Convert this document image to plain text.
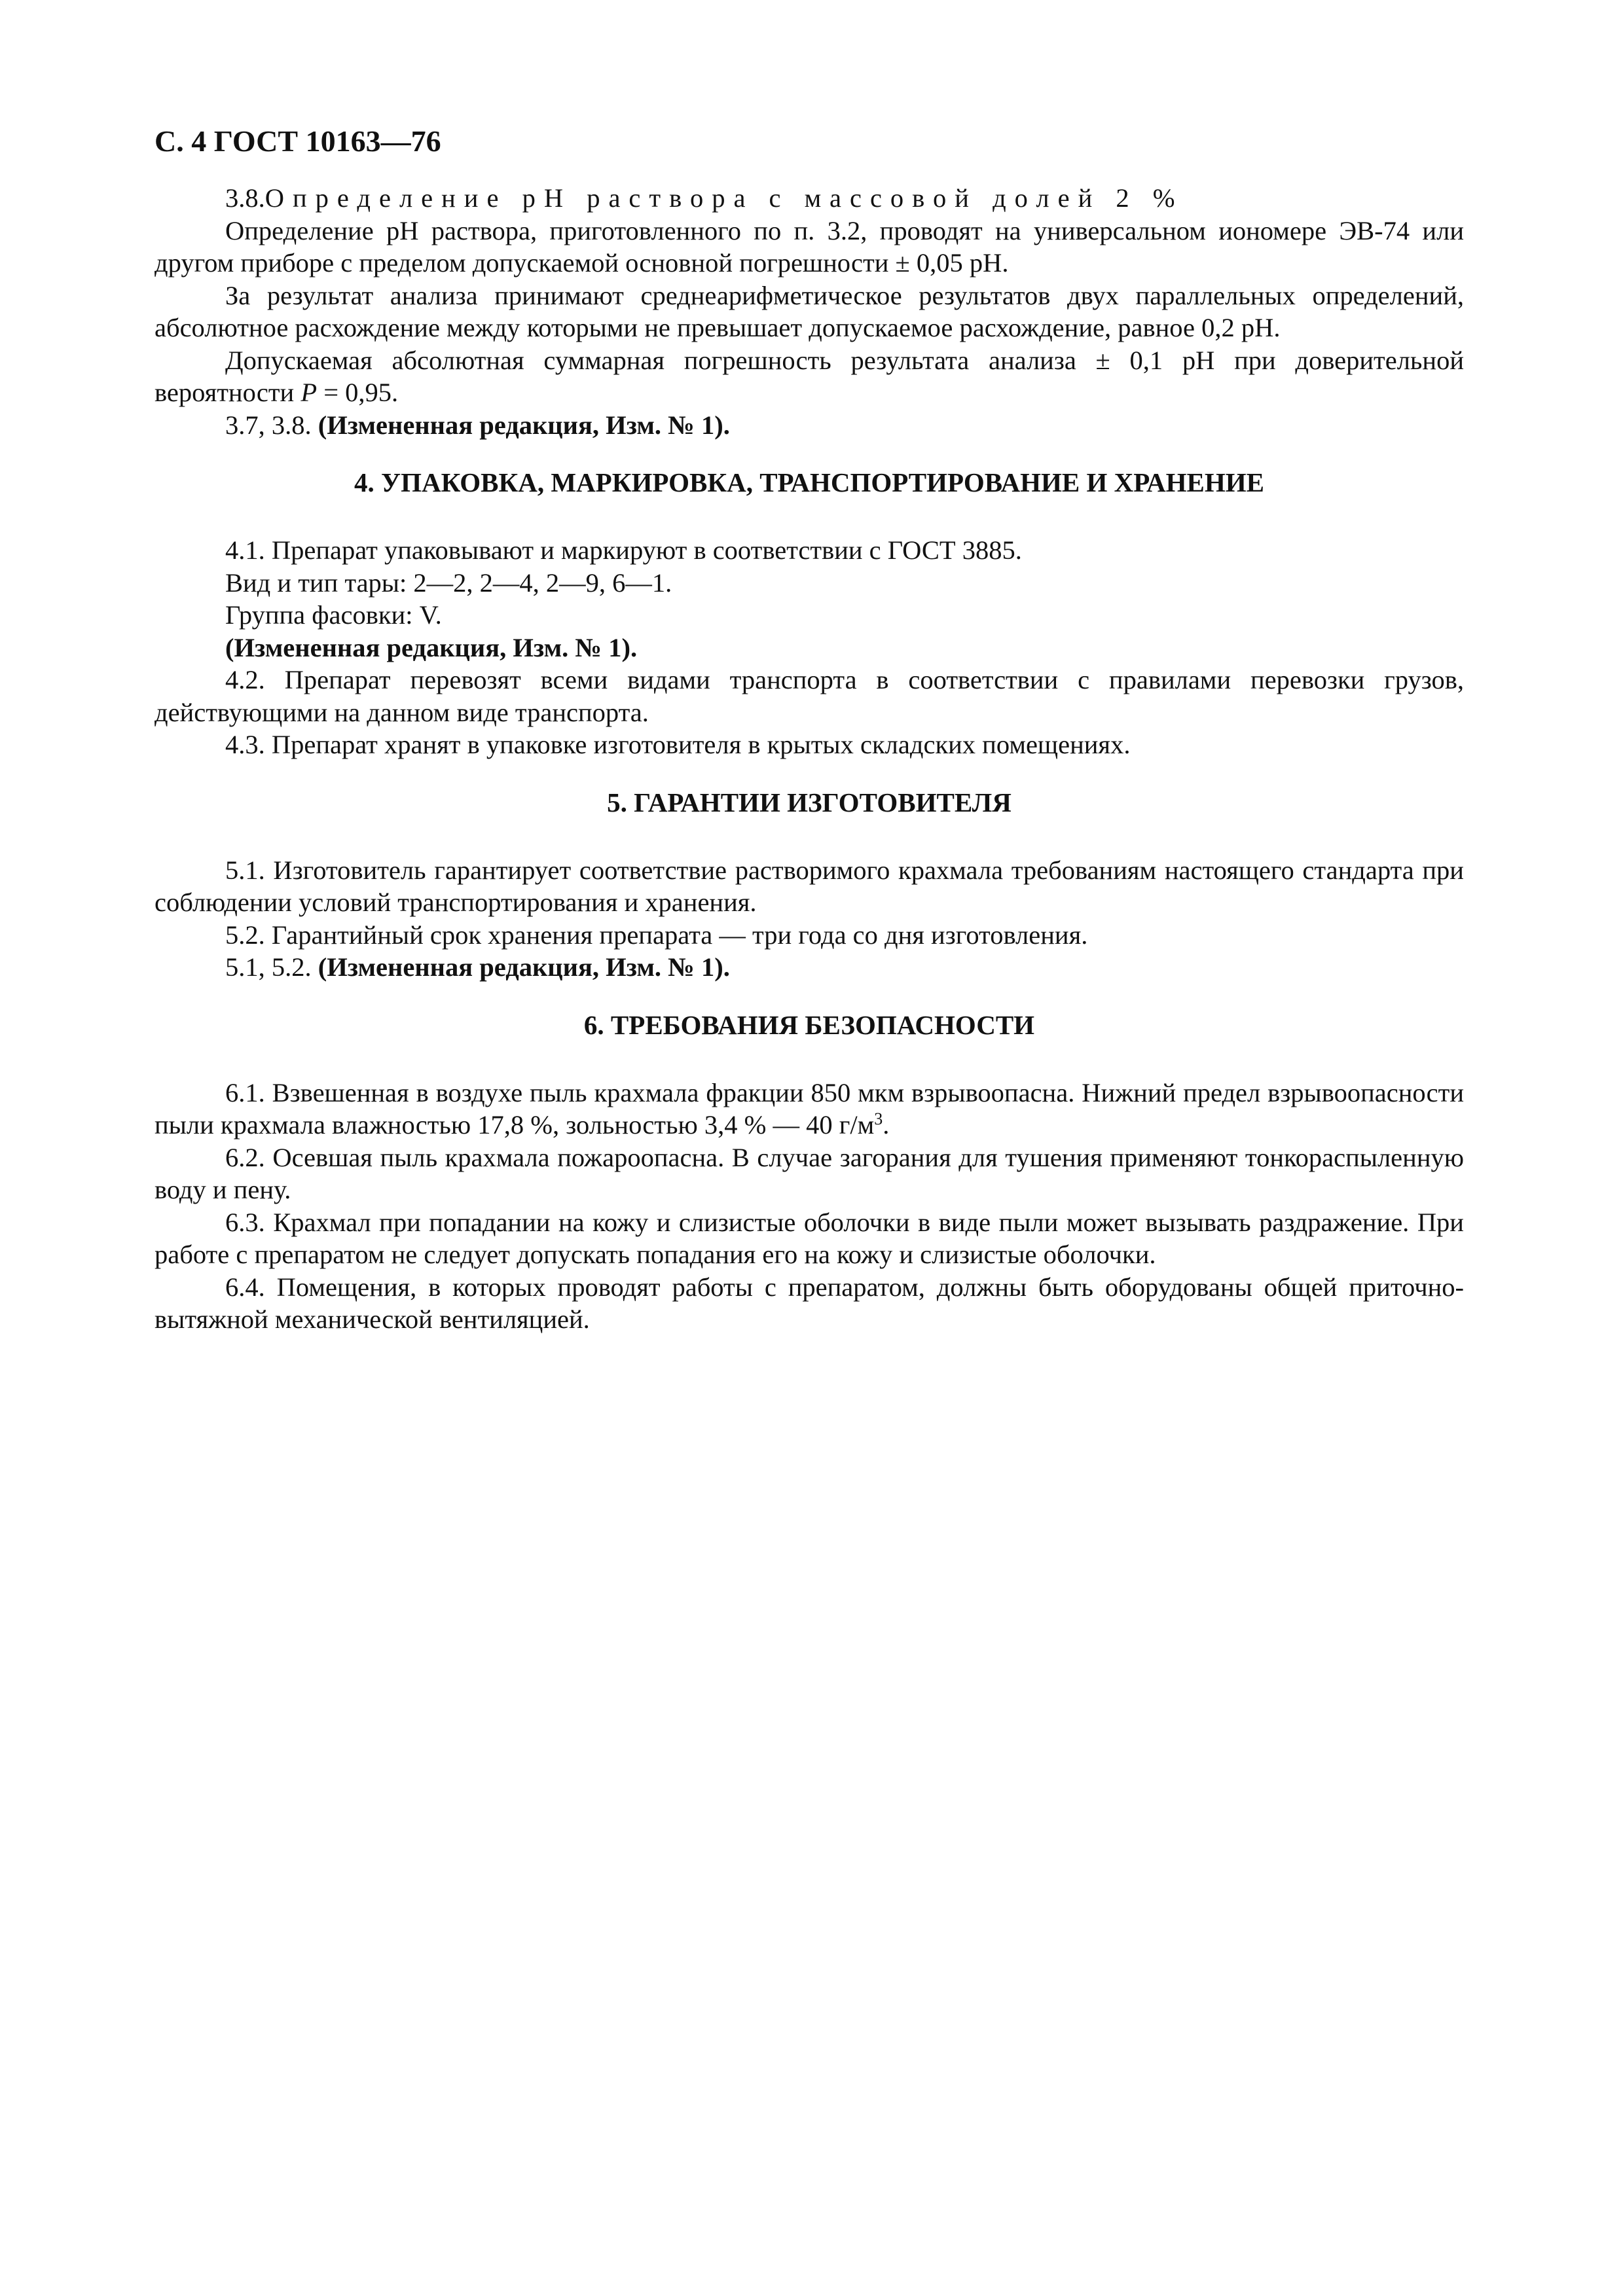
С. 4 ГОСТ 10163—76

3.8.Определение рН раствора с массовой долей 2 %

Определение рН раствора, приготовленного по п. 3.2, проводят на универсальном иономере ЭВ-74 или другом приборе с пределом допускаемой основной погрешности ± 0,05 рН.

За результат анализа принимают среднеарифметическое результатов двух параллельных определений, абсолютное расхождение между которыми не превышает допускаемое расхождение, равное 0,2 рН.

Допускаемая абсолютная суммарная погрешность результата анализа ± 0,1 рН при доверительной вероятности P = 0,95.

3.7, 3.8. (Измененная редакция, Изм. № 1).

4. УПАКОВКА, МАРКИРОВКА, ТРАНСПОРТИРОВАНИЕ И ХРАНЕНИЕ

4.1. Препарат упаковывают и маркируют в соответствии с ГОСТ 3885.

Вид и тип тары: 2—2, 2—4, 2—9, 6—1.

Группа фасовки: V.

(Измененная редакция, Изм. № 1).

4.2. Препарат перевозят всеми видами транспорта в соответствии с правилами перевозки грузов, действующими на данном виде транспорта.

4.3. Препарат хранят в упаковке изготовителя в крытых складских помещениях.

5. ГАРАНТИИ ИЗГОТОВИТЕЛЯ

5.1. Изготовитель гарантирует соответствие растворимого крахмала требованиям настоящего стандарта при соблюдении условий транспортирования и хранения.

5.2. Гарантийный срок хранения препарата — три года со дня изготовления.

5.1, 5.2. (Измененная редакция, Изм. № 1).

6. ТРЕБОВАНИЯ БЕЗОПАСНОСТИ

6.1. Взвешенная в воздухе пыль крахмала фракции 850 мкм взрывоопасна. Нижний предел взрывоопасности пыли крахмала влажностью 17,8 %, зольностью 3,4 % — 40 $г/м^3$.

6.2. Осевшая пыль крахмала пожароопасна. В случае загорания для тушения применяют тонкораспыленную воду и пену.

6.3. Крахмал при попадании на кожу и слизистые оболочки в виде пыли может вызывать раздражение. При работе с препаратом не следует допускать попадания его на кожу и слизистые оболочки.

6.4. Помещения, в которых проводят работы с препаратом, должны быть оборудованы общей приточно-вытяжной механической вентиляцией.
